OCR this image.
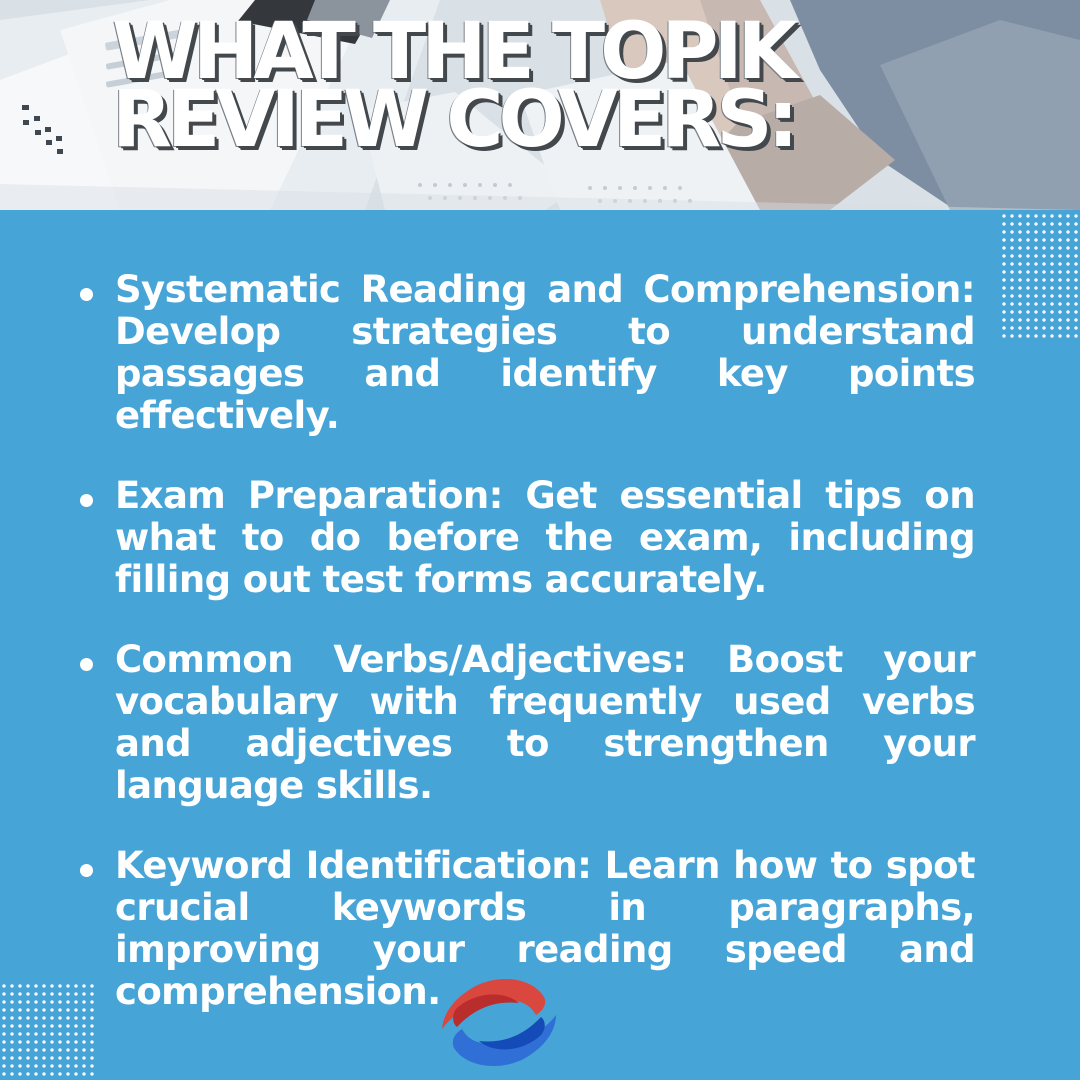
WHAT THE TOPIK
REVIEW COVERS:
Systematic Reading and Comprehension: Develop strategies to understand passages and identify key points effectively.
Exam Preparation: Get essential tips on what to do before the exam, including filling out test forms accurately.
Common Verbs/Adjectives: Boost your vocabulary with frequently used verbs and adjectives to strengthen your language skills.
Keyword Identification: Learn how to spot crucial keywords in paragraphs, improving your reading speed and comprehension.
